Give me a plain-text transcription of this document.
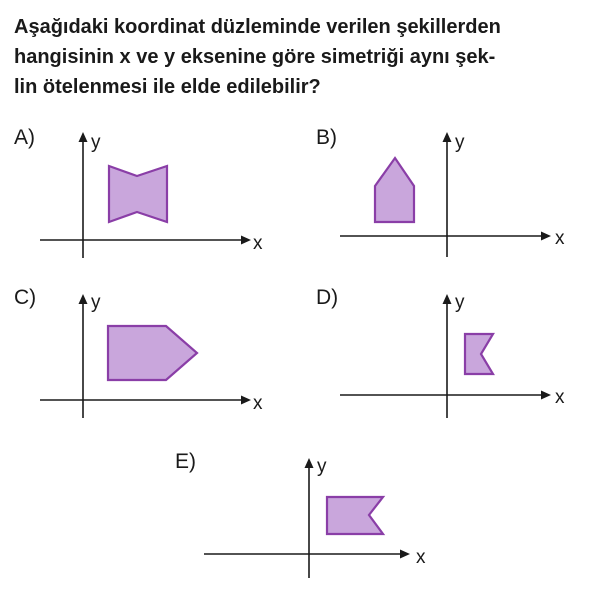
Aşağıdaki koordinat düzleminde verilen şekillerden
hangisinin x ve y eksenine göre simetriği aynı şek-
lin ötelenmesi ile elde edilebilir?
A)
x
y	B)
x
y
C)
x
y	D)
x
y
E)
x
y
